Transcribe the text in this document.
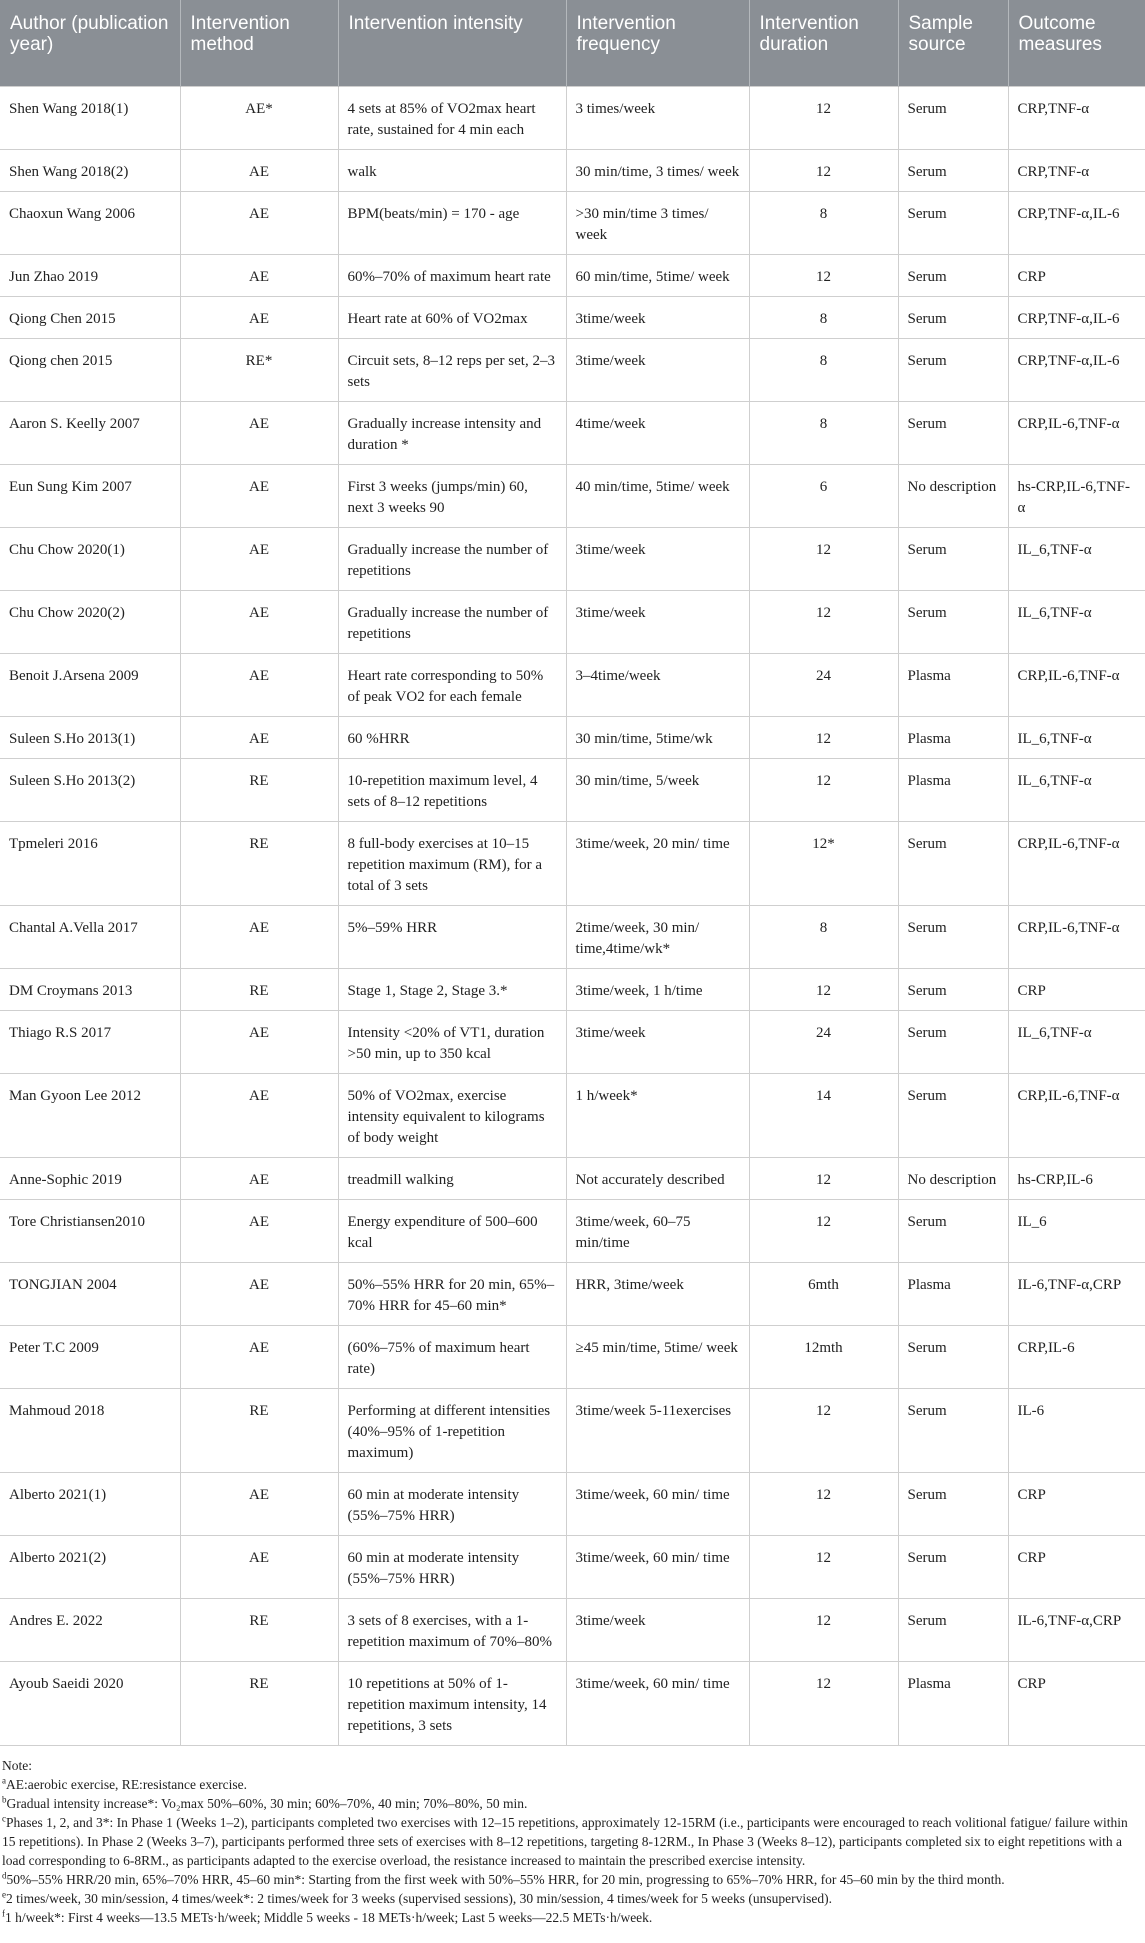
Author (publication year)	Intervention method	Intervention intensity	Intervention frequency	Intervention duration	Sample source	Outcome measures
Shen Wang 2018(1)	AE*	4 sets at 85% of VO2max heart rate, sustained for 4 min each	3 times/week	12	Serum	CRP,TNF-α
Shen Wang 2018(2)	AE	walk	30 min/time, 3 times/ week	12	Serum	CRP,TNF-α
Chaoxun Wang 2006	AE	BPM(beats/min) = 170 - age	>30 min/time 3 times/ week	8	Serum	CRP,TNF-α,IL-6
Jun Zhao 2019	AE	60%–70% of maximum heart rate	60 min/time, 5time/ week	12	Serum	CRP
Qiong Chen 2015	AE	Heart rate at 60% of VO2max	3time/week	8	Serum	CRP,TNF-α,IL-6
Qiong chen 2015	RE*	Circuit sets, 8–12 reps per set, 2–3 sets	3time/week	8	Serum	CRP,TNF-α,IL-6
Aaron S. Keelly 2007	AE	Gradually increase intensity and duration *	4time/week	8	Serum	CRP,IL-6,TNF-α
Eun Sung Kim 2007	AE	First 3 weeks (jumps/min) 60, next 3 weeks 90	40 min/time, 5time/ week	6	No description	hs-CRP,IL-6,TNF-α
Chu Chow 2020(1)	AE	Gradually increase the number of repetitions	3time/week	12	Serum	IL_6,TNF-α
Chu Chow 2020(2)	AE	Gradually increase the number of repetitions	3time/week	12	Serum	IL_6,TNF-α
Benoit J.Arsena 2009	AE	Heart rate corresponding to 50% of peak VO2 for each female	3–4time/week	24	Plasma	CRP,IL-6,TNF-α
Suleen S.Ho 2013(1)	AE	60 %HRR	30 min/time, 5time/wk	12	Plasma	IL_6,TNF-α
Suleen S.Ho 2013(2)	RE	10-repetition maximum level, 4 sets of 8–12 repetitions	30 min/time, 5/week	12	Plasma	IL_6,TNF-α
Tpmeleri 2016	RE	8 full-body exercises at 10–15 repetition maximum (RM), for a total of 3 sets	3time/week, 20 min/ time	12*	Serum	CRP,IL-6,TNF-α
Chantal A.Vella 2017	AE	5%–59% HRR	2time/week, 30 min/ time,4time/wk*	8	Serum	CRP,IL-6,TNF-α
DM Croymans 2013	RE	Stage 1, Stage 2, Stage 3.*	3time/week, 1 h/time	12	Serum	CRP
Thiago R.S 2017	AE	Intensity <20% of VT1, duration >50 min, up to 350 kcal	3time/week	24	Serum	IL_6,TNF-α
Man Gyoon Lee 2012	AE	50% of VO2max, exercise intensity equivalent to kilograms of body weight	1 h/week*	14	Serum	CRP,IL-6,TNF-α
Anne-Sophic 2019	AE	treadmill walking	Not accurately described	12	No description	hs-CRP,IL-6
Tore Christiansen2010	AE	Energy expenditure of 500–600 kcal	3time/week, 60–75 min/time	12	Serum	IL_6
TONGJIAN 2004	AE	50%–55% HRR for 20 min, 65%–70% HRR for 45–60 min*	HRR, 3time/week	6mth	Plasma	IL-6,TNF-α,CRP
Peter T.C 2009	AE	(60%–75% of maximum heart rate)	≥45 min/time, 5time/ week	12mth	Serum	CRP,IL-6
Mahmoud 2018	RE	Performing at different intensities (40%–95% of 1-repetition maximum)	3time/week 5-11exercises	12	Serum	IL-6
Alberto 2021(1)	AE	60 min at moderate intensity (55%–75% HRR)	3time/week, 60 min/ time	12	Serum	CRP
Alberto 2021(2)	AE	60 min at moderate intensity (55%–75% HRR)	3time/week, 60 min/ time	12	Serum	CRP
Andres E. 2022	RE	3 sets of 8 exercises, with a 1-repetition maximum of 70%–80%	3time/week	12	Serum	IL-6,TNF-α,CRP
Ayoub Saeidi 2020	RE	10 repetitions at 50% of 1-repetition maximum intensity, 14 repetitions, 3 sets	3time/week, 60 min/ time	12	Plasma	CRP

Note:

$^a$AE:aerobic exercise, RE:resistance exercise.

$^b$Gradual intensity increase*: Vo₂max 50%–60%, 30 min; 60%–70%, 40 min; 70%–80%, 50 min.

$^c$Phases 1, 2, and 3*: In Phase 1 (Weeks 1–2), participants completed two exercises with 12–15 repetitions, approximately 12-15RM (i.e., participants were encouraged to reach volitional fatigue/ failure within 15 repetitions). In Phase 2 (Weeks 3–7), participants performed three sets of exercises with 8–12 repetitions, targeting 8-12RM., In Phase 3 (Weeks 8–12), participants completed six to eight repetitions with a load corresponding to 6-8RM., as participants adapted to the exercise overload, the resistance increased to maintain the prescribed exercise intensity.

$^d$50%–55% HRR/20 min, 65%–70% HRR, 45–60 min*: Starting from the first week with 50%–55% HRR, for 20 min, progressing to 65%–70% HRR, for 45–60 min by the third month.

$^e$2 times/week, 30 min/session, 4 times/week*: 2 times/week for 3 weeks (supervised sessions), 30 min/session, 4 times/week for 5 weeks (unsupervised).

$^f$1 h/week*: First 4 weeks—13.5 METs·h/week; Middle 5 weeks - 18 METs·h/week; Last 5 weeks—22.5 METs·h/week.
